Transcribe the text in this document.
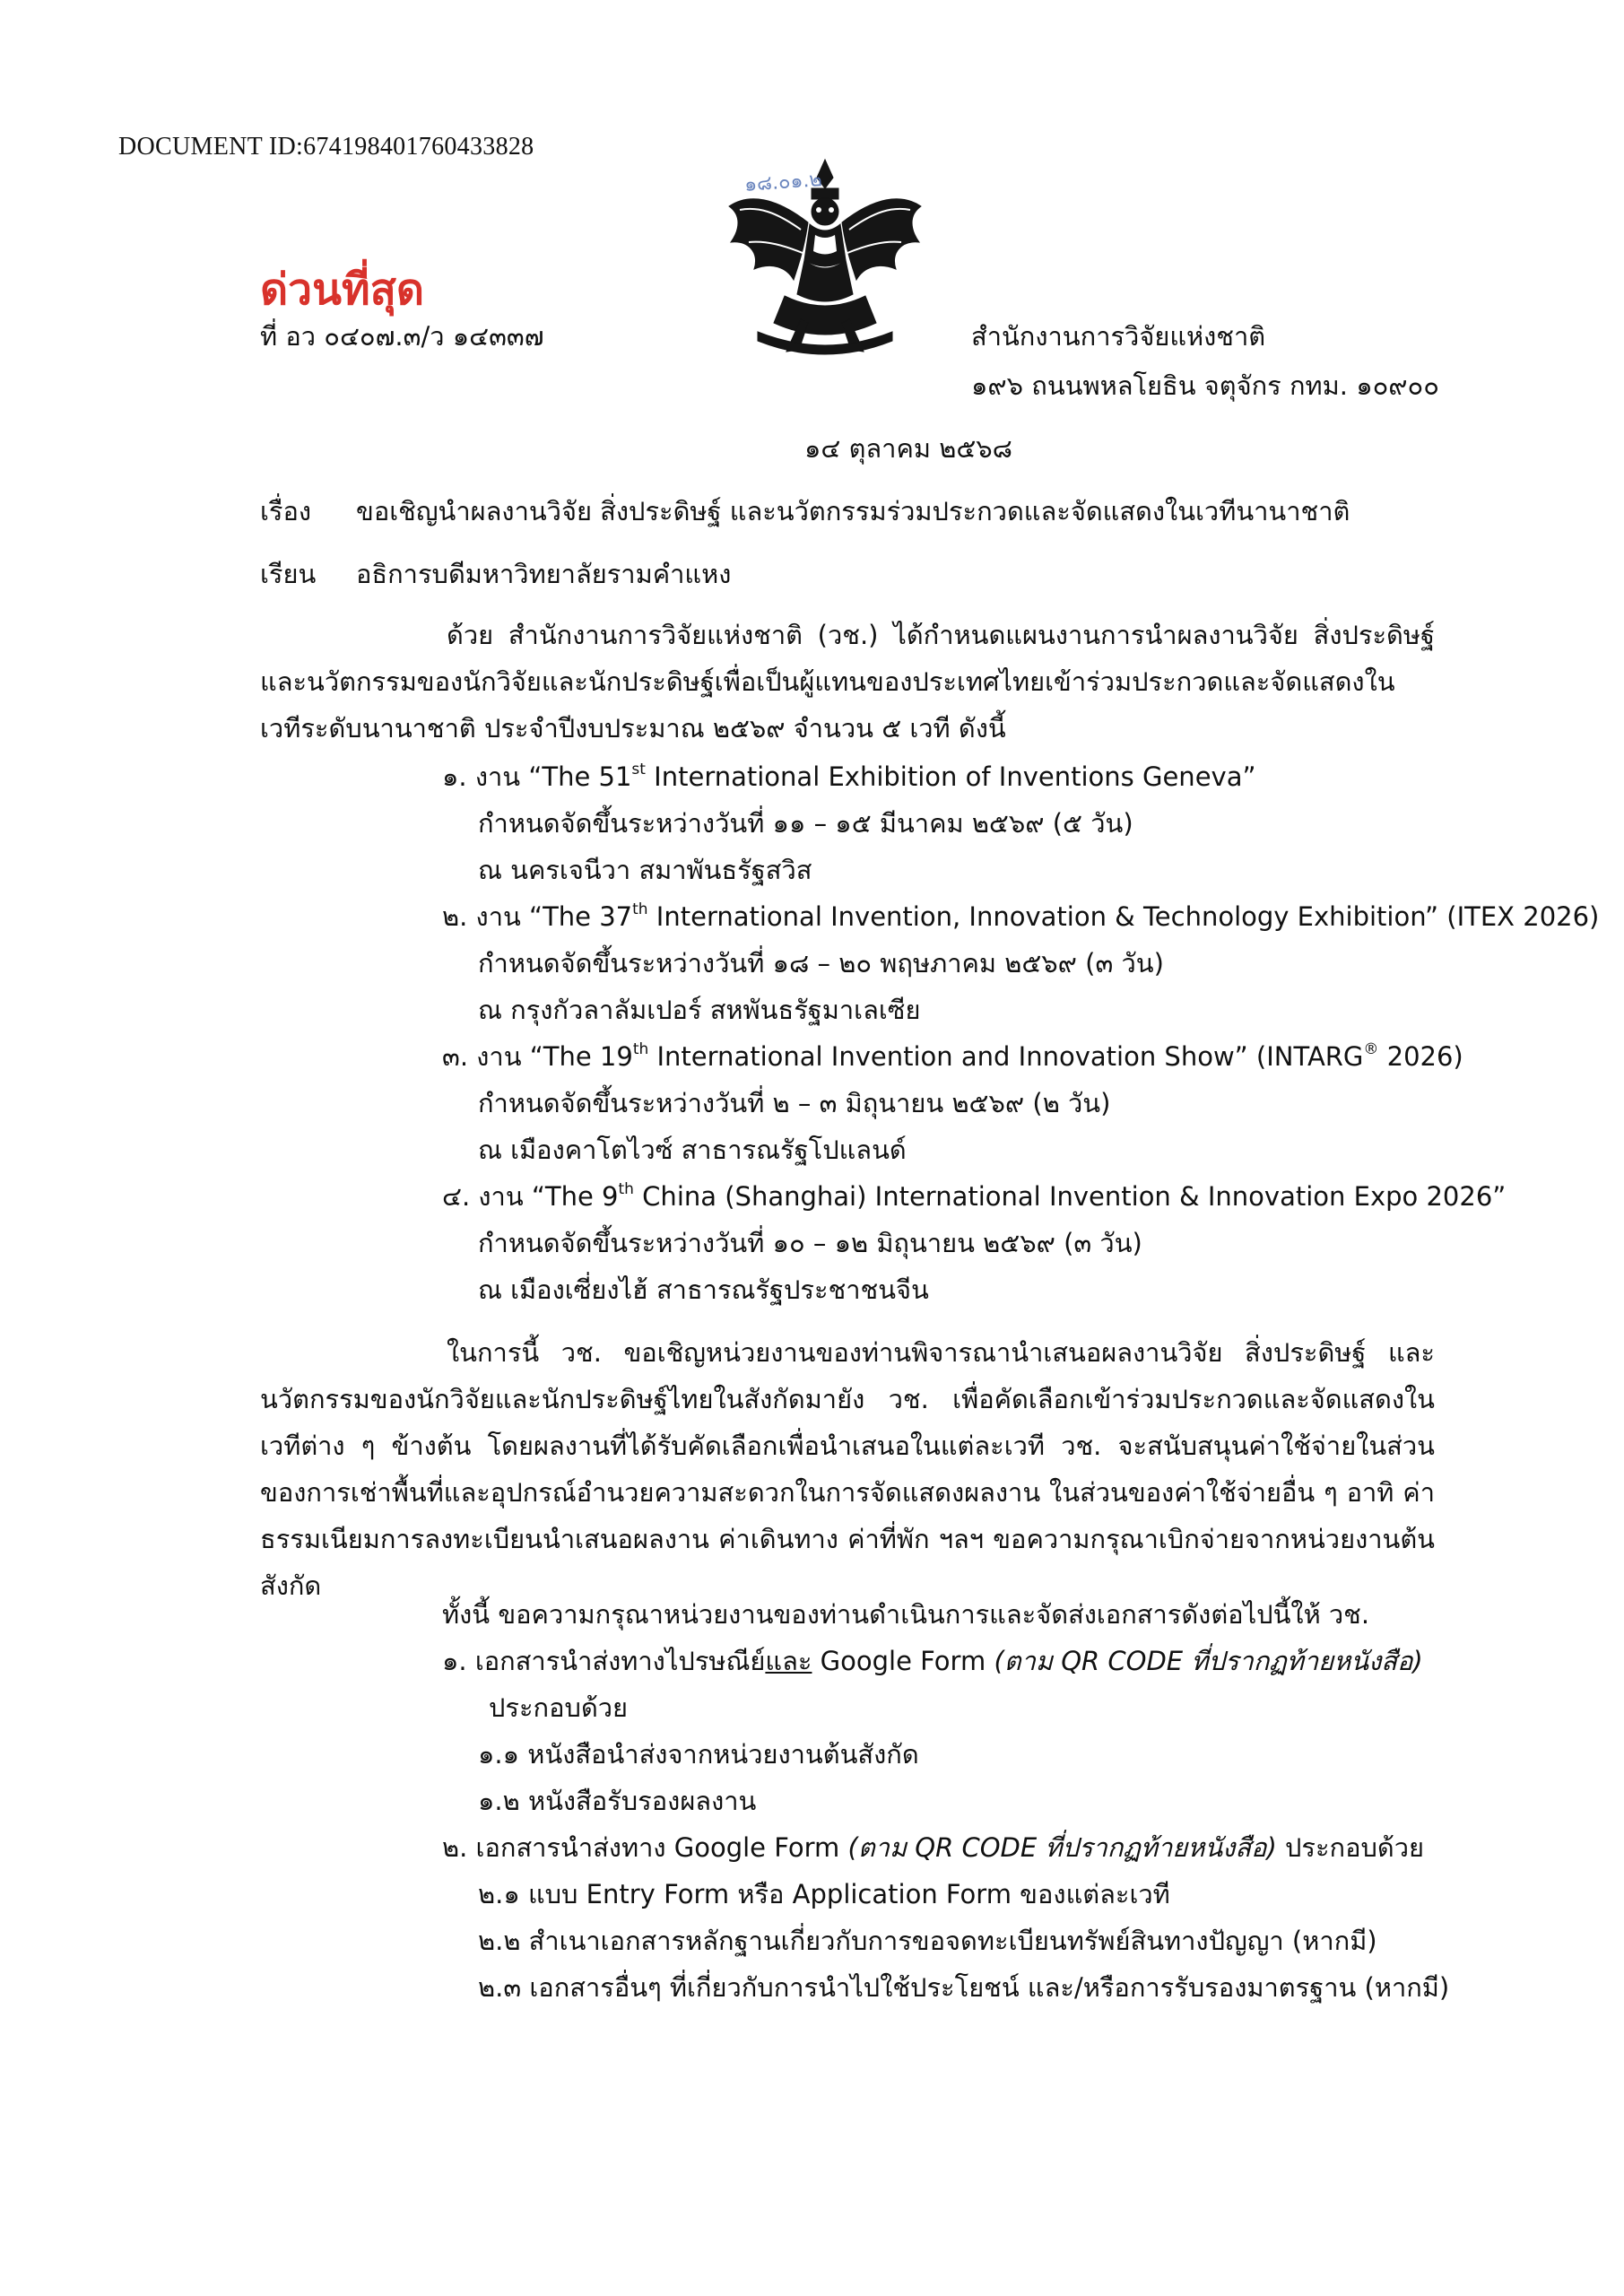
DOCUMENT ID:674198401760433828
๑๘.๐๑.๒
ด่วนที่สุด
ที่ อว ๐๔๐๗.๓/ว ๑๔๓๓๗	สำนักงานการวิจัยแห่งชาติ
๑๙๖ ถนนพหลโยธิน จตุจักร กทม. ๑๐๙๐๐
๑๔ ตุลาคม ๒๕๖๘
เรื่อง ขอเชิญนำผลงานวิจัย สิ่งประดิษฐ์ และนวัตกรรมร่วมประกวดและจัดแสดงในเวทีนานาชาติ
เรียน อธิการบดีมหาวิทยาลัยรามคำแหง
ด้วย สำนักงานการวิจัยแห่งชาติ (วช.) ได้กำหนดแผนงานการนำผลงานวิจัย สิ่งประดิษฐ์ และนวัตกรรมของนักวิจัยและนักประดิษฐ์เพื่อเป็นผู้แทนของประเทศไทยเข้าร่วมประกวดและจัดแสดงในเวทีระดับนานาชาติ ประจำปีงบประมาณ ๒๕๖๙ จำนวน ๕ เวที ดังนี้
๑. งาน “The 51st International Exhibition of Inventions Geneva”
กำหนดจัดขึ้นระหว่างวันที่ ๑๑ – ๑๕ มีนาคม ๒๕๖๙ (๕ วัน)
ณ นครเจนีวา สมาพันธรัฐสวิส
๒. งาน “The 37th International Invention, Innovation & Technology Exhibition” (ITEX 2026)
กำหนดจัดขึ้นระหว่างวันที่ ๑๘ – ๒๐ พฤษภาคม ๒๕๖๙ (๓ วัน)
ณ กรุงกัวลาลัมเปอร์ สหพันธรัฐมาเลเซีย
๓. งาน “The 19th International Invention and Innovation Show” (INTARG® 2026)
กำหนดจัดขึ้นระหว่างวันที่ ๒ – ๓ มิถุนายน ๒๕๖๙ (๒ วัน)
ณ เมืองคาโตไวซ์ สาธารณรัฐโปแลนด์
๔. งาน “The 9th China (Shanghai) International Invention & Innovation Expo 2026”
กำหนดจัดขึ้นระหว่างวันที่ ๑๐ – ๑๒ มิถุนายน ๒๕๖๙ (๓ วัน)
ณ เมืองเซี่ยงไฮ้ สาธารณรัฐประชาชนจีน
ในการนี้ วช. ขอเชิญหน่วยงานของท่านพิจารณานำเสนอผลงานวิจัย สิ่งประดิษฐ์ และนวัตกรรมของนักวิจัยและนักประดิษฐ์ไทยในสังกัดมายัง วช. เพื่อคัดเลือกเข้าร่วมประกวดและจัดแสดงในเวทีต่าง ๆ ข้างต้น โดยผลงานที่ได้รับคัดเลือกเพื่อนำเสนอในแต่ละเวที วช. จะสนับสนุนค่าใช้จ่ายในส่วนของการเช่าพื้นที่และอุปกรณ์อำนวยความสะดวกในการจัดแสดงผลงาน ในส่วนของค่าใช้จ่ายอื่น ๆ อาทิ ค่าธรรมเนียมการลงทะเบียนนำเสนอผลงาน ค่าเดินทาง ค่าที่พัก ฯลฯ ขอความกรุณาเบิกจ่ายจากหน่วยงานต้นสังกัด
ทั้งนี้ ขอความกรุณาหน่วยงานของท่านดำเนินการและจัดส่งเอกสารดังต่อไปนี้ให้ วช.
๑. เอกสารนำส่งทางไปรษณีย์และ Google Form (ตาม QR CODE ที่ปรากฏท้ายหนังสือ)
ประกอบด้วย
๑.๑ หนังสือนำส่งจากหน่วยงานต้นสังกัด
๑.๒ หนังสือรับรองผลงาน
๒. เอกสารนำส่งทาง Google Form (ตาม QR CODE ที่ปรากฏท้ายหนังสือ) ประกอบด้วย
๒.๑ แบบ Entry Form หรือ Application Form ของแต่ละเวที
๒.๒ สำเนาเอกสารหลักฐานเกี่ยวกับการขอจดทะเบียนทรัพย์สินทางปัญญา (หากมี)
๒.๓ เอกสารอื่นๆ ที่เกี่ยวกับการนำไปใช้ประโยชน์ และ/หรือการรับรองมาตรฐาน (หากมี)
